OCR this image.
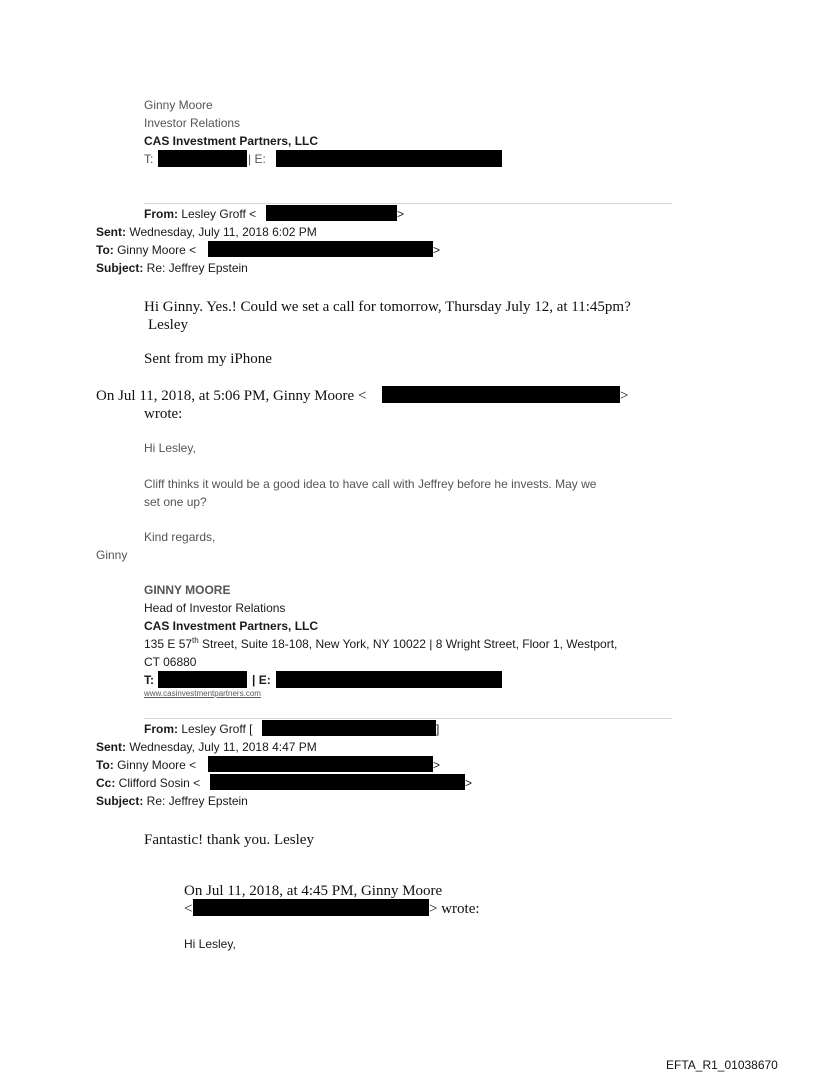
Ginny Moore
Investor Relations
CAS Investment Partners, LLC
T:	| E:
From: Lesley Groff <	>
Sent: Wednesday, July 11, 2018 6:02 PM
To: Ginny Moore <	>
Subject: Re: Jeffrey Epstein
Hi Ginny. Yes.! Could we set a call for tomorrow, Thursday July 12, at 11:45pm?
Lesley
Sent from my iPhone
On Jul 11, 2018, at 5:06 PM, Ginny Moore <	>
wrote:
Hi Lesley,
Cliff thinks it would be a good idea to have call with Jeffrey before he invests. May we
set one up?
Kind regards,
Ginny
GINNY MOORE
Head of Investor Relations
CAS Investment Partners, LLC
135 E 57th Street, Suite 18-108, New York, NY 10022 | 8 Wright Street, Floor 1, Westport,
CT 06880
T:	| E:
www.casinvestmentpartners.com
From: Lesley Groff [	]
Sent: Wednesday, July 11, 2018 4:47 PM
To: Ginny Moore <	>
Cc: Clifford Sosin <	>
Subject: Re: Jeffrey Epstein
Fantastic! thank you. Lesley
On Jul 11, 2018, at 4:45 PM, Ginny Moore
<	> wrote:
Hi Lesley,
EFTA_R1_01038670
